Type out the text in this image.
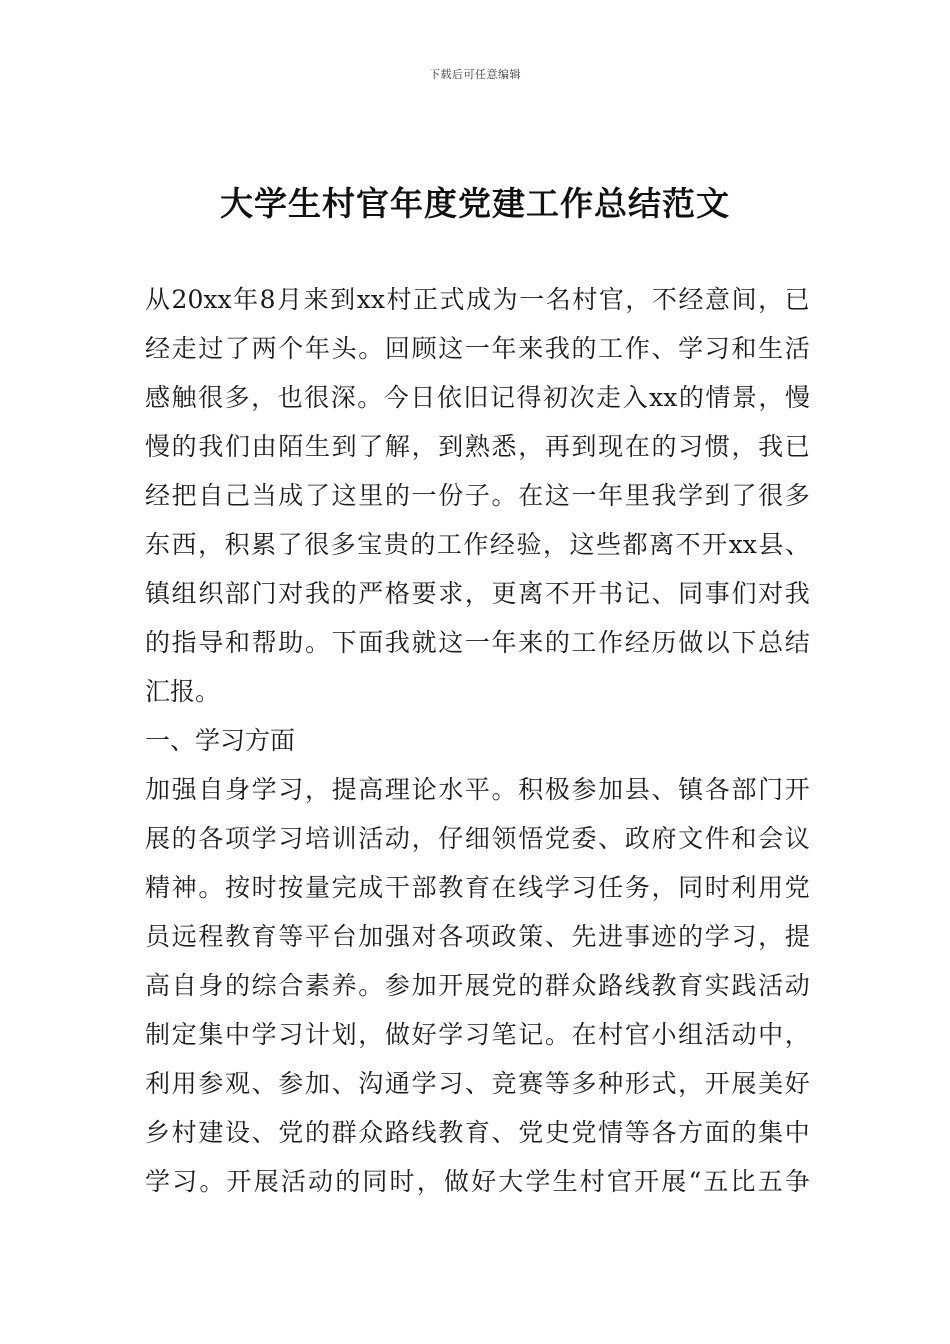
下载后可任意编辑
大学生村官年度党建工作总结范文
从 20xx 年 8 月 来 到 xx 村 正 式 成 为 一 名 村 官 ， 不 经 意 间 ， 已
经 走 过 了 两 个 年 头 。 回 顾 这 一 年 来 我 的 工 作 、 学 习 和 生 活
感 触 很 多 ， 也 很 深 。 今 日 依 旧 记 得 初 次 走 入 xx 的 情 景 ， 慢
慢 的 我 们 由 陌 生 到 了 解 ， 到 熟 悉 ， 再 到 现 在 的 习 惯 ， 我 已
经 把 自 己 当 成 了 这 里 的 一 份 子 。 在 这 一 年 里 我 学 到 了 很 多
东 西 ， 积 累 了 很 多 宝 贵 的 工 作 经 验 ， 这 些 都 离 不 开 xx 县 、
镇 组 织 部 门 对 我 的 严 格 要 求 ， 更 离 不 开 书 记 、 同 事 们 对 我
的 指 导 和 帮 助 。 下 面 我 就 这 一 年 来 的 工 作 经 历 做 以 下 总 结
汇报。
一、学习方面
加 强 自 身 学 习 ， 提 高 理 论 水 平 。 积 极 参 加 县 、 镇 各 部 门 开
展 的 各 项 学 习 培 训 活 动 ， 仔 细 领 悟 党 委 、 政 府 文 件 和 会 议
精 神 。 按 时 按 量 完 成 干 部 教 育 在 线 学 习 任 务 ， 同 时 利 用 党
员 远 程 教 育 等 平 台 加 强 对 各 项 政 策 、 先 进 事 迹 的 学 习 ， 提
高 自 身 的 综 合 素 养 。 参 加 开 展 党 的 群 众 路 线 教 育 实 践 活 动
制 定 集 中 学 习 计 划 ， 做 好 学 习 笔 记 。 在 村 官 小 组 活 动 中 ，
利 用 参 观 、 参 加 、 沟 通 学 习 、 竞 赛 等 多 种 形 式 ， 开 展 美 好
乡 村 建 设 、 党 的 群 众 路 线 教 育 、 党 史 党 情 等 各 方 面 的 集 中
学 习 。 开 展 活 动 的 同 时 ， 做 好 大 学 生 村 官 开 展 “ 五 比 五 争
